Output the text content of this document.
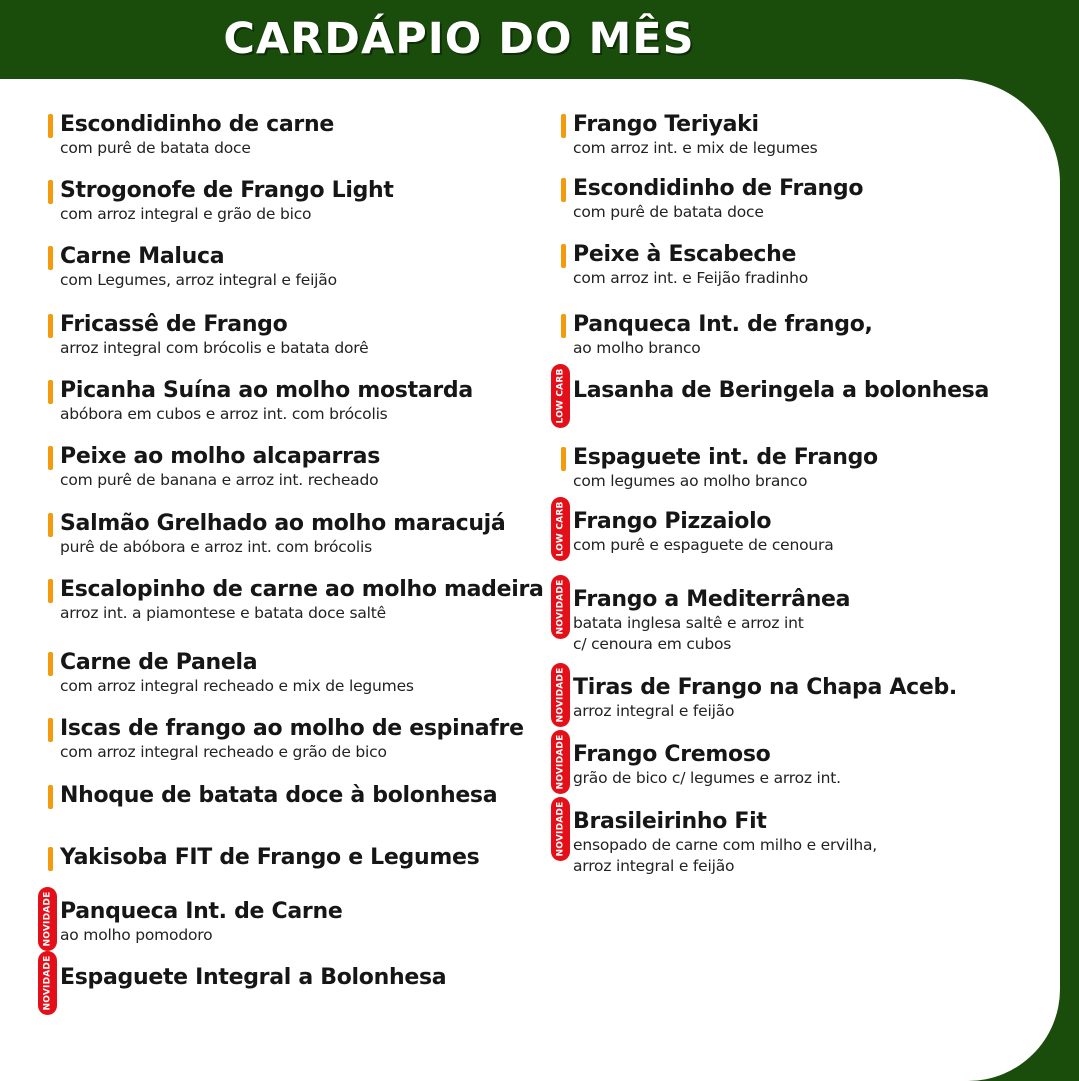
CARDÁPIO DO MÊS
Escondidinho de carne
com purê de batata doce
Strogonofe de Frango Light
com arroz integral e grão de bico
Carne Maluca
com Legumes, arroz integral e feijão
Fricassê de Frango
arroz integral com brócolis e batata dorê
Picanha Suína ao molho mostarda
abóbora em cubos e arroz int. com brócolis
Peixe ao molho alcaparras
com purê de banana e arroz int. recheado
Salmão Grelhado ao molho maracujá
purê de abóbora e arroz int. com brócolis
Escalopinho de carne ao molho madeira
arroz int. a piamontese e batata doce saltê
Carne de Panela
com arroz integral recheado e mix de legumes
Iscas de frango ao molho de espinafre
com arroz integral recheado e grão de bico
Nhoque de batata doce à bolonhesa
Yakisoba FIT de Frango e Legumes
NOVIDADE Panqueca Int. de Carne
ao molho pomodoro
NOVIDADE Espaguete Integral a Bolonhesa
Frango Teriyaki
com arroz int. e mix de legumes
Escondidinho de Frango
com purê de batata doce
Peixe à Escabeche
com arroz int. e Feijão fradinho
Panqueca Int. de frango,
ao molho branco
LOW CARB Lasanha de Beringela a bolonhesa
Espaguete int. de Frango
com legumes ao molho branco
LOW CARB Frango Pizzaiolo
com purê e espaguete de cenoura
NOVIDADE Frango a Mediterrânea
batata inglesa saltê e arroz int
c/ cenoura em cubos
NOVIDADE Tiras de Frango na Chapa Aceb.
arroz integral e feijão
NOVIDADE Frango Cremoso
grão de bico c/ legumes e arroz int.
NOVIDADE Brasileirinho Fit
ensopado de carne com milho e ervilha,
arroz integral e feijão
